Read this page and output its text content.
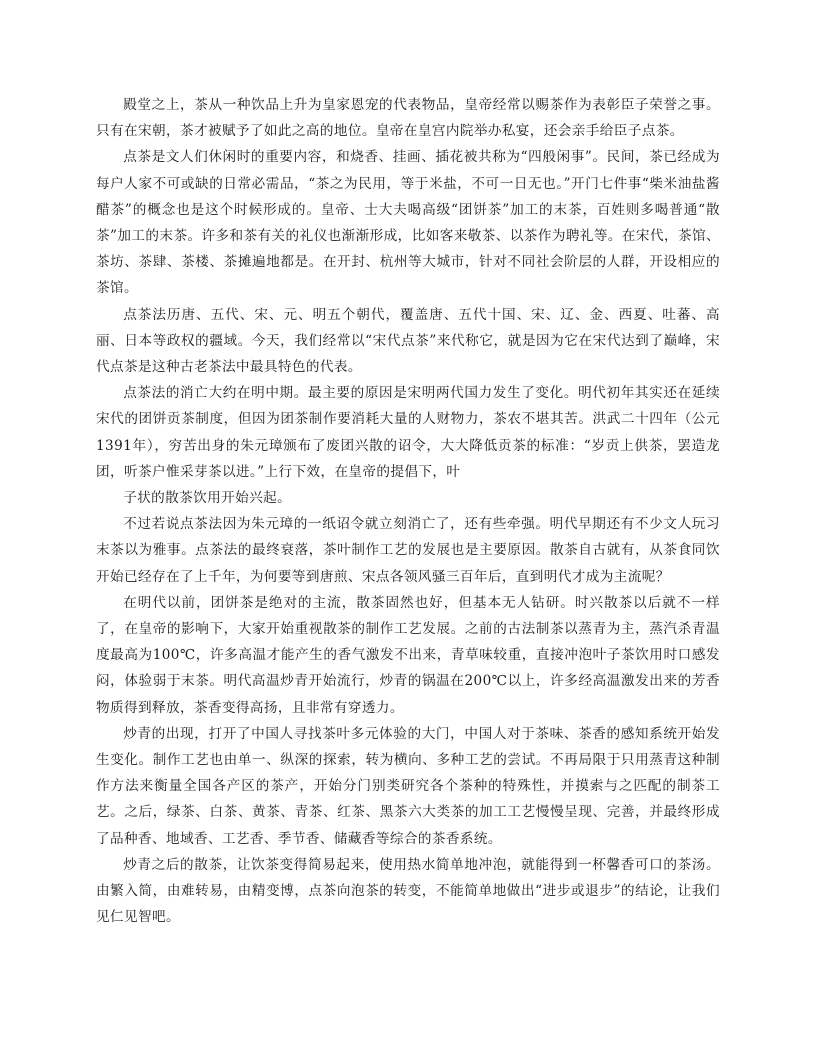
殿堂之上，茶从一种饮品上升为皇家恩宠的代表物品，皇帝经常以赐茶作为表彰臣子荣誉之事。只有在宋朝，茶才被赋予了如此之高的地位。皇帝在皇宫内院举办私宴，还会亲手给臣子点茶。

点茶是文人们休闲时的重要内容，和烧香、挂画、插花被共称为“四般闲事”。民间，茶已经成为每户人家不可或缺的日常必需品，“茶之为民用，等于米盐，不可一日无也。”开门七件事“柴米油盐酱醋茶”的概念也是这个时候形成的。皇帝、士大夫喝高级“团饼茶”加工的末茶，百姓则多喝普通“散茶”加工的末茶。许多和茶有关的礼仪也渐渐形成，比如客来敬茶、以茶作为聘礼等。在宋代，茶馆、茶坊、茶肆、茶楼、茶摊遍地都是。在开封、杭州等大城市，针对不同社会阶层的人群，开设相应的茶馆。

点茶法历唐、五代、宋、元、明五个朝代，覆盖唐、五代十国、宋、辽、金、西夏、吐蕃、高丽、日本等政权的疆域。今天，我们经常以“宋代点茶”来代称它，就是因为它在宋代达到了巅峰，宋代点茶是这种古老茶法中最具特色的代表。

点茶法的消亡大约在明中期。最主要的原因是宋明两代国力发生了变化。明代初年其实还在延续宋代的团饼贡茶制度，但因为团茶制作要消耗大量的人财物力，茶农不堪其苦。洪武二十四年（公元1391年），穷苦出身的朱元璋颁布了废团兴散的诏令，大大降低贡茶的标准：“岁贡上供茶，罢造龙团，听茶户惟采芽茶以进。”上行下效，在皇帝的提倡下，叶

子状的散茶饮用开始兴起。

不过若说点茶法因为朱元璋的一纸诏令就立刻消亡了，还有些牵强。明代早期还有不少文人玩习末茶以为雅事。点茶法的最终衰落，茶叶制作工艺的发展也是主要原因。散茶自古就有，从茶食同饮开始已经存在了上千年，为何要等到唐煎、宋点各领风骚三百年后，直到明代才成为主流呢？

在明代以前，团饼茶是绝对的主流，散茶固然也好，但基本无人钻研。时兴散茶以后就不一样了，在皇帝的影响下，大家开始重视散茶的制作工艺发展。之前的古法制茶以蒸青为主，蒸汽杀青温度最高为100℃，许多高温才能产生的香气激发不出来，青草味较重，直接冲泡叶子茶饮用时口感发闷，体验弱于末茶。明代高温炒青开始流行，炒青的锅温在200℃以上，许多经高温激发出来的芳香物质得到释放，茶香变得高扬，且非常有穿透力。

炒青的出现，打开了中国人寻找茶叶多元体验的大门，中国人对于茶味、茶香的感知系统开始发生变化。制作工艺也由单一、纵深的探索，转为横向、多种工艺的尝试。不再局限于只用蒸青这种制作方法来衡量全国各产区的茶产，开始分门别类研究各个茶种的特殊性，并摸索与之匹配的制茶工艺。之后，绿茶、白茶、黄茶、青茶、红茶、黑茶六大类茶的加工工艺慢慢呈现、完善，并最终形成了品种香、地域香、工艺香、季节香、储藏香等综合的茶香系统。

炒青之后的散茶，让饮茶变得简易起来，使用热水简单地冲泡，就能得到一杯馨香可口的茶汤。由繁入简，由难转易，由精变博，点茶向泡茶的转变，不能简单地做出“进步或退步”的结论，让我们见仁见智吧。
